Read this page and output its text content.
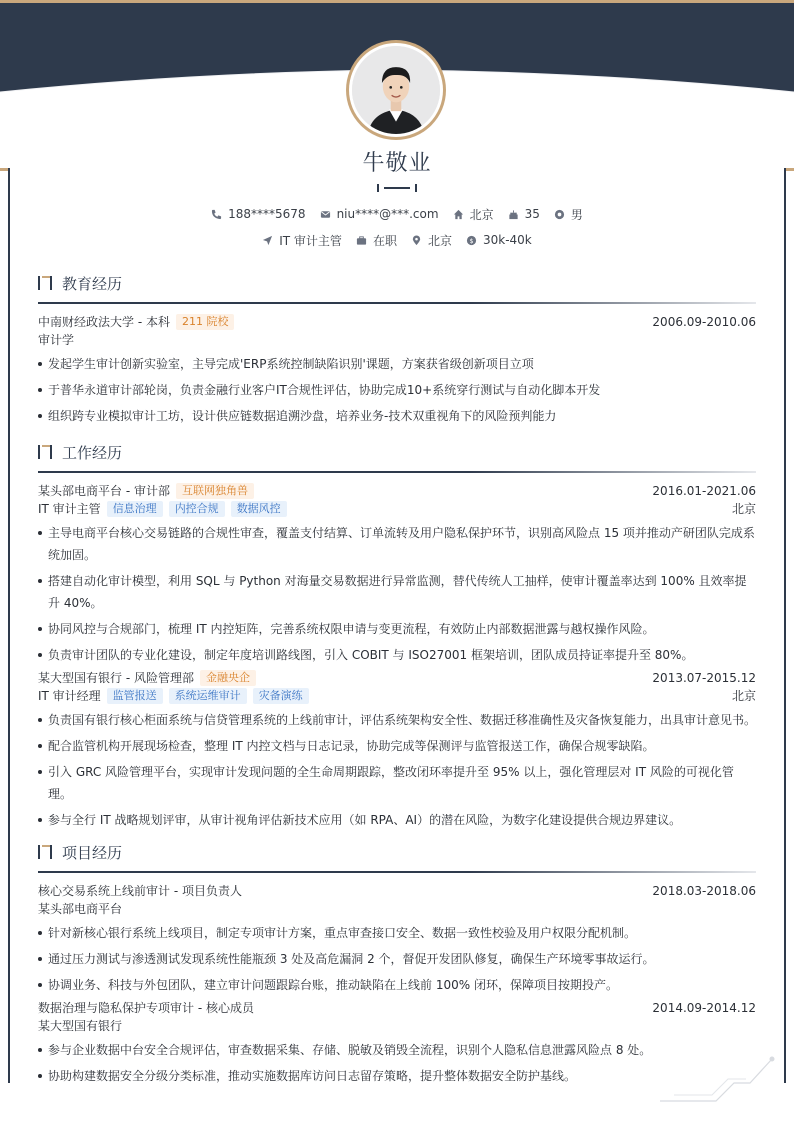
牛敬业
188****5678	niu****@***.com	北京	35	男
IT 审计主管	在职	北京 $ 30k-40k
教育经历
中南财经政法大学 - 本科	211 院校	2006.09-2010.06
审计学
发起学生审计创新实验室，主导完成'ERP系统控制缺陷识别'课题，方案获省级创新项目立项
于普华永道审计部轮岗，负责金融行业客户IT合规性评估，协助完成10+系统穿行测试与自动化脚本开发
组织跨专业模拟审计工坊，设计供应链数据追溯沙盘，培养业务-技术双重视角下的风险预判能力
工作经历
某头部电商平台 - 审计部	互联网独角兽	2016.01-2021.06
IT 审计主管	信息治理	内控合规	数据风控	北京
主导电商平台核心交易链路的合规性审查，覆盖支付结算、订单流转及用户隐私保护环节，识别高风险点 15 项并推动产研团队完成系统加固。
搭建自动化审计模型，利用 SQL 与 Python 对海量交易数据进行异常监测，替代传统人工抽样，使审计覆盖率达到 100% 且效率提升 40%。
协同风控与合规部门，梳理 IT 内控矩阵，完善系统权限申请与变更流程，有效防止内部数据泄露与越权操作风险。
负责审计团队的专业化建设，制定年度培训路线图，引入 COBIT 与 ISO27001 框架培训，团队成员持证率提升至 80%。
某大型国有银行 - 风险管理部	金融央企	2013.07-2015.12
IT 审计经理	监管报送	系统运维审计	灾备演练	北京
负责国有银行核心柜面系统与信贷管理系统的上线前审计，评估系统架构安全性、数据迁移准确性及灾备恢复能力，出具审计意见书。
配合监管机构开展现场检查，整理 IT 内控文档与日志记录，协助完成等保测评与监管报送工作，确保合规零缺陷。
引入 GRC 风险管理平台，实现审计发现问题的全生命周期跟踪，整改闭环率提升至 95% 以上，强化管理层对 IT 风险的可视化管理。
参与全行 IT 战略规划评审，从审计视角评估新技术应用（如 RPA、AI）的潜在风险，为数字化建设提供合规边界建议。
项目经历
核心交易系统上线前审计 - 项目负责人	2018.03-2018.06
某头部电商平台
针对新核心银行系统上线项目，制定专项审计方案，重点审查接口安全、数据一致性校验及用户权限分配机制。
通过压力测试与渗透测试发现系统性能瓶颈 3 处及高危漏洞 2 个，督促开发团队修复，确保生产环境零事故运行。
协调业务、科技与外包团队，建立审计问题跟踪台账，推动缺陷在上线前 100% 闭环，保障项目按期投产。
数据治理与隐私保护专项审计 - 核心成员	2014.09-2014.12
某大型国有银行
参与企业数据中台安全合规评估，审查数据采集、存储、脱敏及销毁全流程，识别个人隐私信息泄露风险点 8 处。
协助构建数据安全分级分类标准，推动实施数据库访问日志留存策略，提升整体数据安全防护基线。
